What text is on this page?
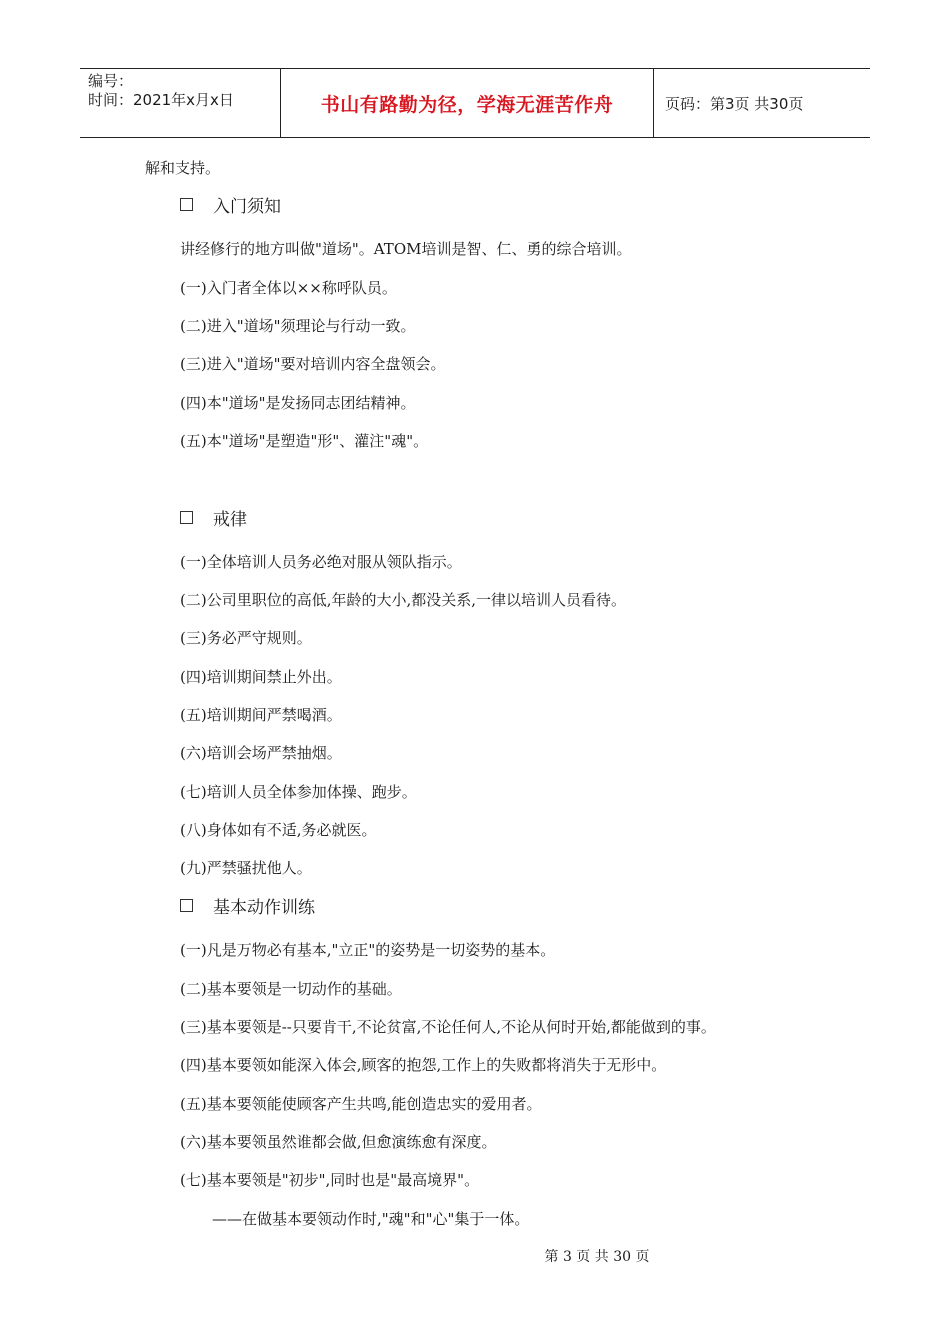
编号：
时间：2021年x月x日	书山有路勤为径，学海无涯苦作舟	页码：第3页 共30页
解和支持。
入门须知
讲经修行的地方叫做"道场"。ATOM培训是智、仁、勇的综合培训。
(一)入门者全体以××称呼队员。
(二)进入"道场"须理论与行动一致。
(三)进入"道场"要对培训内容全盘领会。
(四)本"道场"是发扬同志团结精神。
(五)本"道场"是塑造"形"、灌注"魂"。
戒律
(一)全体培训人员务必绝对服从领队指示。
(二)公司里职位的高低,年龄的大小,都没关系,一律以培训人员看待。
(三)务必严守规则。
(四)培训期间禁止外出。
(五)培训期间严禁喝酒。
(六)培训会场严禁抽烟。
(七)培训人员全体参加体操、跑步。
(八)身体如有不适,务必就医。
(九)严禁骚扰他人。
基本动作训练
(一)凡是万物必有基本,"立正"的姿势是一切姿势的基本。
(二)基本要领是一切动作的基础。
(三)基本要领是--只要肯干,不论贫富,不论任何人,不论从何时开始,都能做到的事。
(四)基本要领如能深入体会,顾客的抱怨,工作上的失败都将消失于无形中。
(五)基本要领能使顾客产生共鸣,能创造忠实的爱用者。
(六)基本要领虽然谁都会做,但愈演练愈有深度。
(七)基本要领是"初步",同时也是"最高境界"。
——在做基本要领动作时,"魂"和"心"集于一体。
第 3 页 共 30 页
